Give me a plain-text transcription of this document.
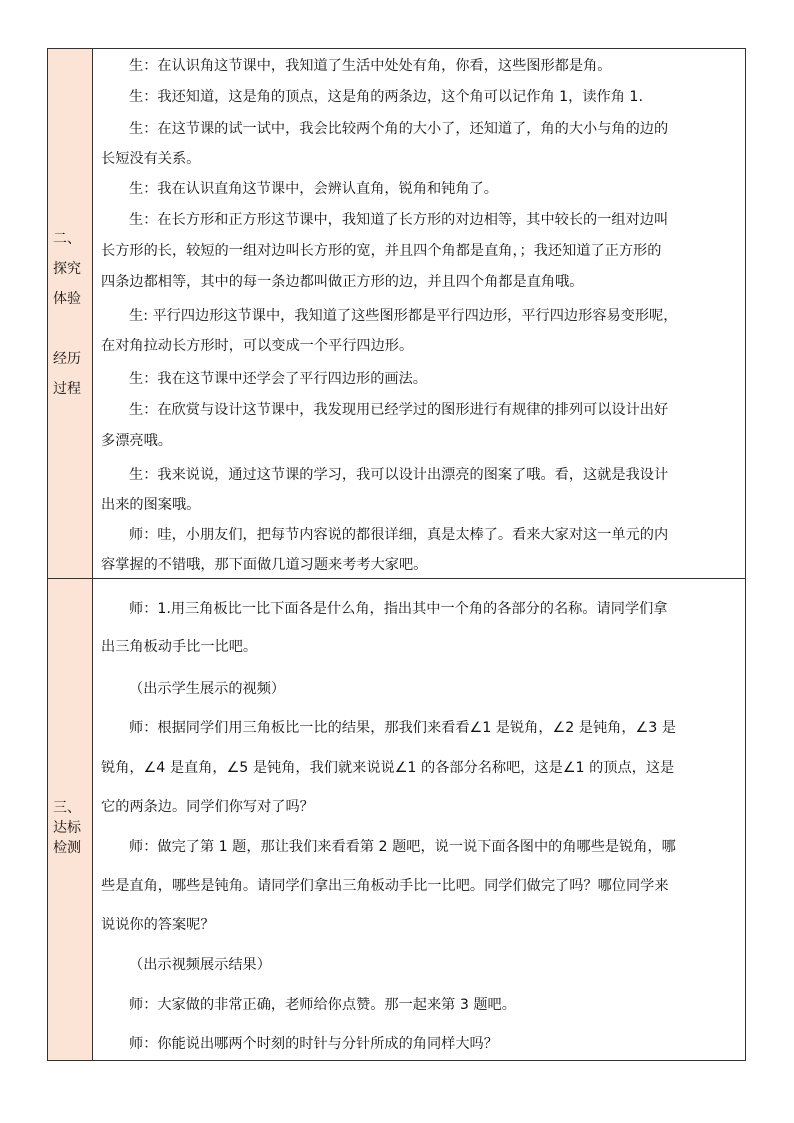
二、
探究
体验
经历
过程
生：在认识角这节课中，我知道了生活中处处有角，你看，这些图形都是角。
生：我还知道，这是角的顶点，这是角的两条边，这个角可以记作角 1，读作角 1.
生：在这节课的试一试中，我会比较两个角的大小了，还知道了，角的大小与角的边的
长短没有关系。
生：我在认识直角这节课中，会辨认直角，锐角和钝角了。
生：在长方形和正方形这节课中，我知道了长方形的对边相等，其中较长的一组对边叫
长方形的长，较短的一组对边叫长方形的宽，并且四个角都是直角，；我还知道了正方形的
四条边都相等，其中的每一条边都叫做正方形的边，并且四个角都是直角哦。
生: 平行四边形这节课中，我知道了这些图形都是平行四边形，平行四边形容易变形呢，
在对角拉动长方形时，可以变成一个平行四边形。
生：我在这节课中还学会了平行四边形的画法。
生：在欣赏与设计这节课中，我发现用已经学过的图形进行有规律的排列可以设计出好
多漂亮哦。
生：我来说说，通过这节课的学习，我可以设计出漂亮的图案了哦。看，这就是我设计
出来的图案哦。
师：哇，小朋友们，把每节内容说的都很详细，真是太棒了。看来大家对这一单元的内
容掌握的不错哦，那下面做几道习题来考考大家吧。
三、
达标
检测
师：1.用三角板比一比下面各是什么角，指出其中一个角的各部分的名称。请同学们拿
出三角板动手比一比吧。
（出示学生展示的视频）
师：根据同学们用三角板比一比的结果，那我们来看看∠1 是锐角，∠2 是钝角，∠3 是
锐角，∠4 是直角，∠5 是钝角，我们就来说说∠1 的各部分名称吧，这是∠1 的顶点，这是
它的两条边。同学们你写对了吗？
师：做完了第 1 题，那让我们来看看第 2 题吧，说一说下面各图中的角哪些是锐角，哪
些是直角，哪些是钝角。请同学们拿出三角板动手比一比吧。同学们做完了吗？哪位同学来
说说你的答案呢？
（出示视频展示结果）
师：大家做的非常正确，老师给你点赞。那一起来第 3 题吧。
师：你能说出哪两个时刻的时针与分针所成的角同样大吗？
